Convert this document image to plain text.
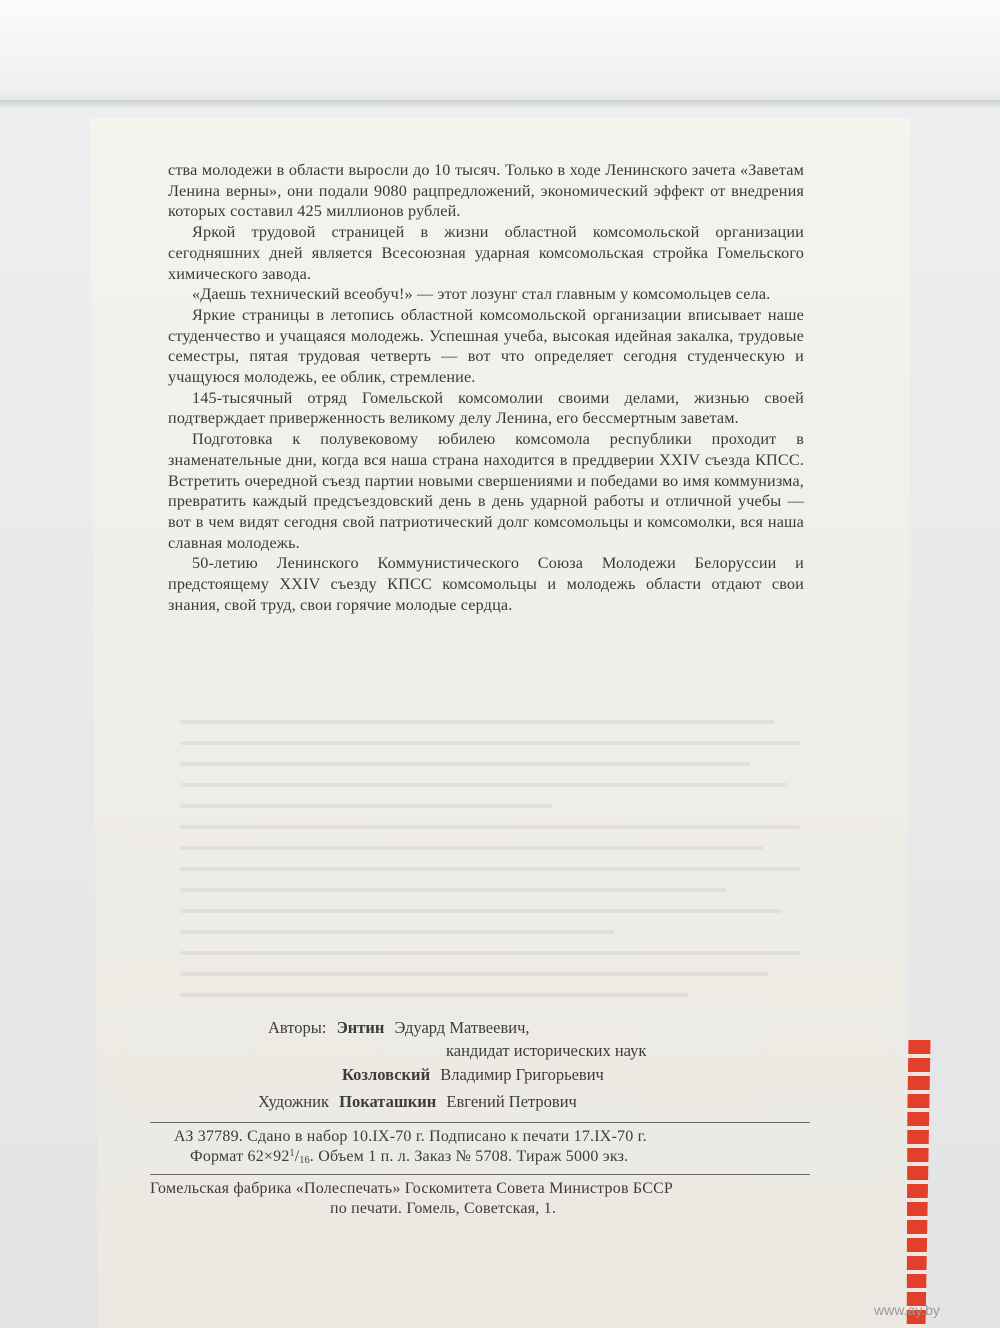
ства молодежи в области выросли до 10 тысяч. Только в ходе Ленинского зачета «Заветам Ленина верны», они подали 9080 рацпредложений, экономический эффект от внедрения которых составил 425 миллионов рублей.

Яркой трудовой страницей в жизни областной комсомольской организации сегодняшних дней является Всесоюзная ударная комсомольская стройка Гомельского химического завода.

«Даешь технический всеобуч!» — этот лозунг стал главным у комсомольцев села.

Яркие страницы в летопись областной комсомольской организации вписывает наше студенчество и учащаяся молодежь. Успешная учеба, высокая идейная закалка, трудовые семестры, пятая трудовая четверть — вот что определяет сегодня студенческую и учащуюся молодежь, ее облик, стремление.

145-тысячный отряд Гомельской комсомолии своими делами, жизнью своей подтверждает приверженность великому делу Ленина, его бессмертным заветам.

Подготовка к полувековому юбилею комсомола республики проходит в знаменательные дни, когда вся наша страна находится в преддверии XXIV съезда КПСС. Встретить очередной съезд партии новыми свершениями и победами во имя коммунизма, превратить каждый предсъездовский день в день ударной работы и отличной учебы — вот в чем видят сегодня свой патриотический долг комсомольцы и комсомолки, вся наша славная молодежь.

50-летию Ленинского Коммунистического Союза Молодежи Белоруссии и предстоящему XXIV съезду КПСС комсомольцы и молодежь области отдают свои знания, свой труд, свои горячие молодые сердца.

Авторы: Энтин Эдуард Матвеевич,
кандидат исторических наук
Козловский Владимир Григорьевич
Художник Покаташкин Евгений Петрович
АЗ 37789. Сдано в набор 10.IX-70 г. Подписано к печати 17.IX-70 г.
Формат $62\times 92^1/16$. Объем 1 п. л. Заказ № 5708. Тираж 5000 экз.
Гомельская фабрика «Полеспечать» Госкомитета Совета Министров БССР
по печати. Гомель, Советская, 1.
www.ay.by
